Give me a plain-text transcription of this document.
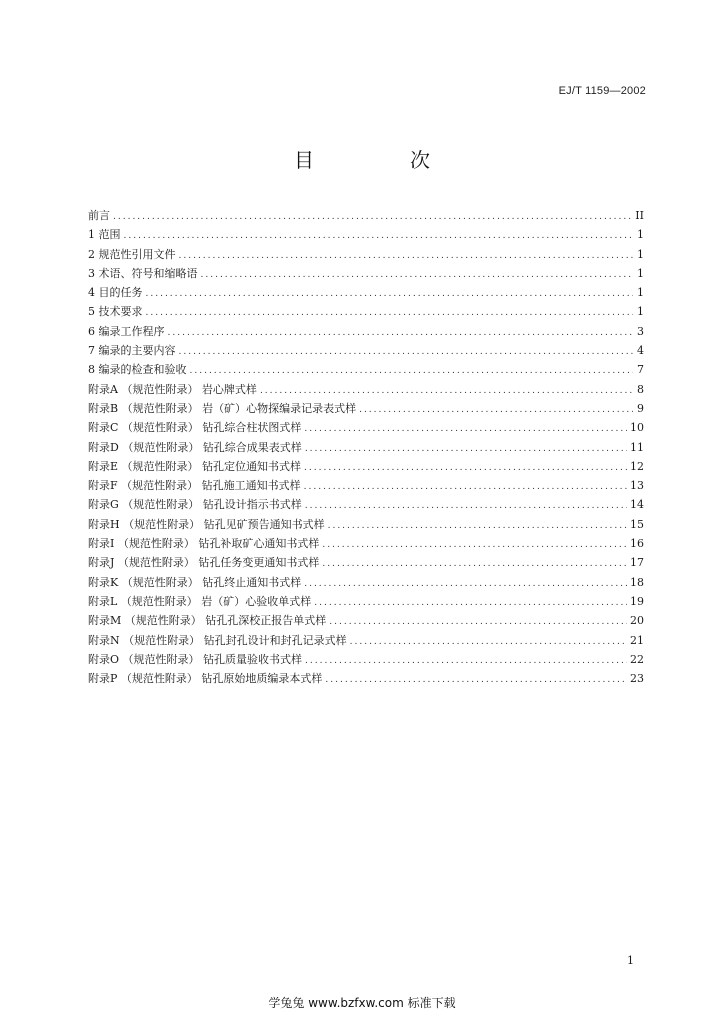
EJ/T 1159—2002
目　次
前言 .....	II
1 范围 .....	1
2 规范性引用文件 .....	1
3 术语、符号和缩略语 .....	1
4 目的任务 .....	1
5 技术要求 .....	1
6 编录工作程序 .....	3
7 编录的主要内容 .....	4
8 编录的检查和验收 .....	7
附录A （规范性附录） 岩心牌式样 .....	8
附录B （规范性附录） 岩（矿）心物探编录记录表式样 .....	9
附录C （规范性附录） 钻孔综合柱状图式样 .....	10
附录D （规范性附录） 钻孔综合成果表式样 .....	11
附录E （规范性附录） 钻孔定位通知书式样 .....	12
附录F （规范性附录） 钻孔施工通知书式样 .....	13
附录G （规范性附录） 钻孔设计指示书式样 .....	14
附录H （规范性附录） 钻孔见矿预告通知书式样 .....	15
附录I （规范性附录） 钻孔补取矿心通知书式样 .....	16
附录J （规范性附录） 钻孔任务变更通知书式样 .....	17
附录K （规范性附录） 钻孔终止通知书式样 .....	18
附录L （规范性附录） 岩（矿）心验收单式样 .....	19
附录M （规范性附录） 钻孔孔深校正报告单式样 .....	20
附录N （规范性附录） 钻孔封孔设计和封孔记录式样 .....	21
附录O （规范性附录） 钻孔质量验收书式样 .....	22
附录P （规范性附录） 钻孔原始地质编录本式样 .....	23
1
学兔兔 www.bzfxw.com 标准下载
